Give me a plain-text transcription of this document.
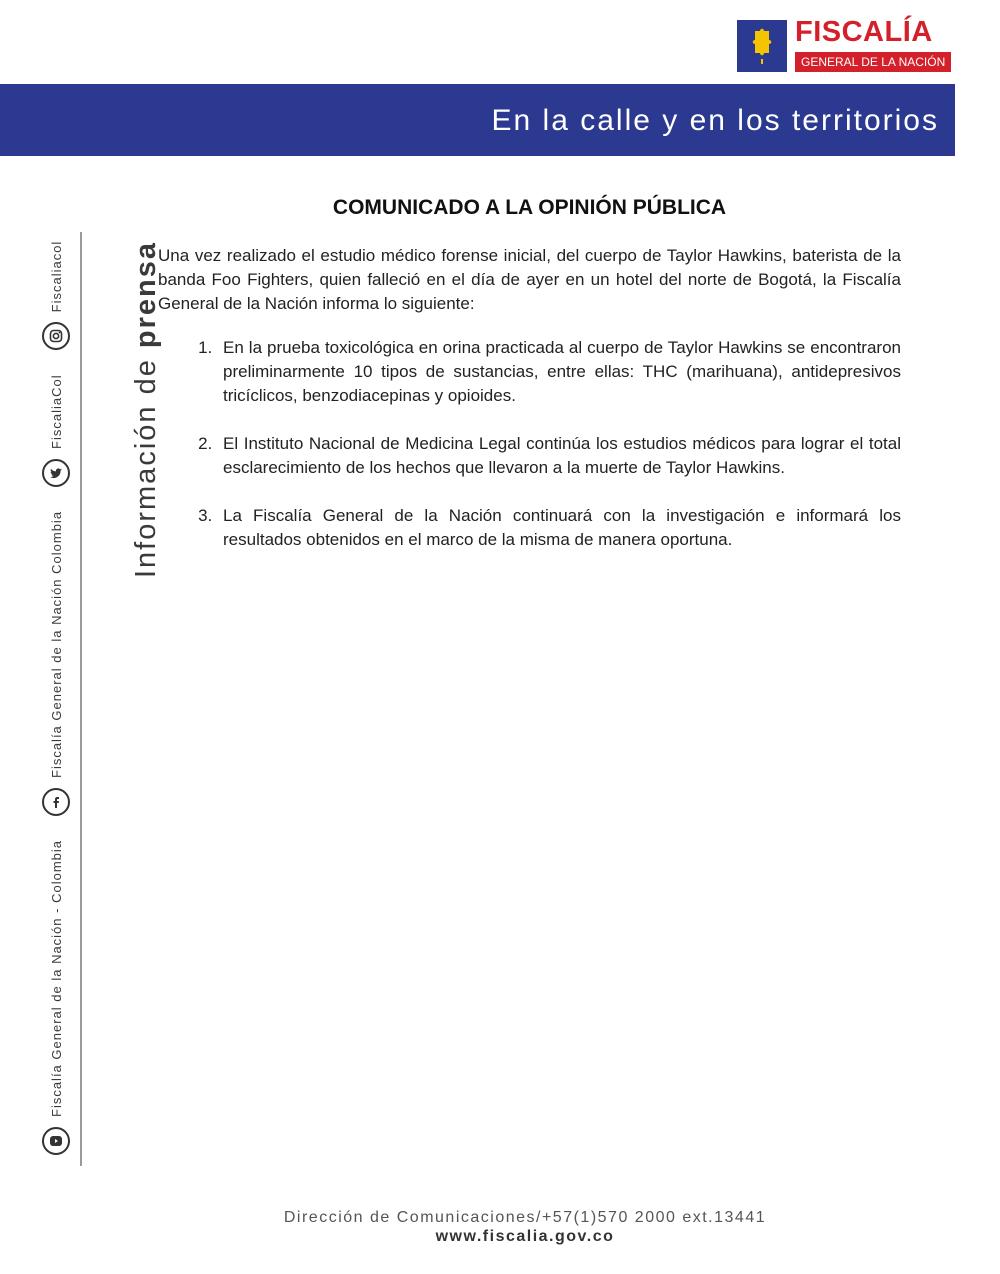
FISCALÍA
GENERAL DE LA NACIÓN
En la calle y en los territorios
Fiscalía General de la Nación - Colombia
Fiscalía General de la Nación Colombia
FiscaliaCol
Fiscaliacol
Información de prensa
COMUNICADO A LA OPINIÓN PÚBLICA

Una vez realizado el estudio médico forense inicial, del cuerpo de Taylor Hawkins, baterista de la banda Foo Fighters, quien falleció en el día de ayer en un hotel del norte de Bogotá, la Fiscalía General de la Nación informa lo siguiente:

1. En la prueba toxicológica en orina practicada al cuerpo de Taylor Hawkins se encontraron preliminarmente 10 tipos de sustancias, entre ellas: THC (marihuana), antidepresivos tricíclicos, benzodiacepinas y opioides.
2. El Instituto Nacional de Medicina Legal continúa los estudios médicos para lograr el total esclarecimiento de los hechos que llevaron a la muerte de Taylor Hawkins.
3. La Fiscalía General de la Nación continuará con la investigación e informará los resultados obtenidos en el marco de la misma de manera oportuna.
Dirección de Comunicaciones/+57(1)570 2000 ext.13441
www.fiscalia.gov.co
